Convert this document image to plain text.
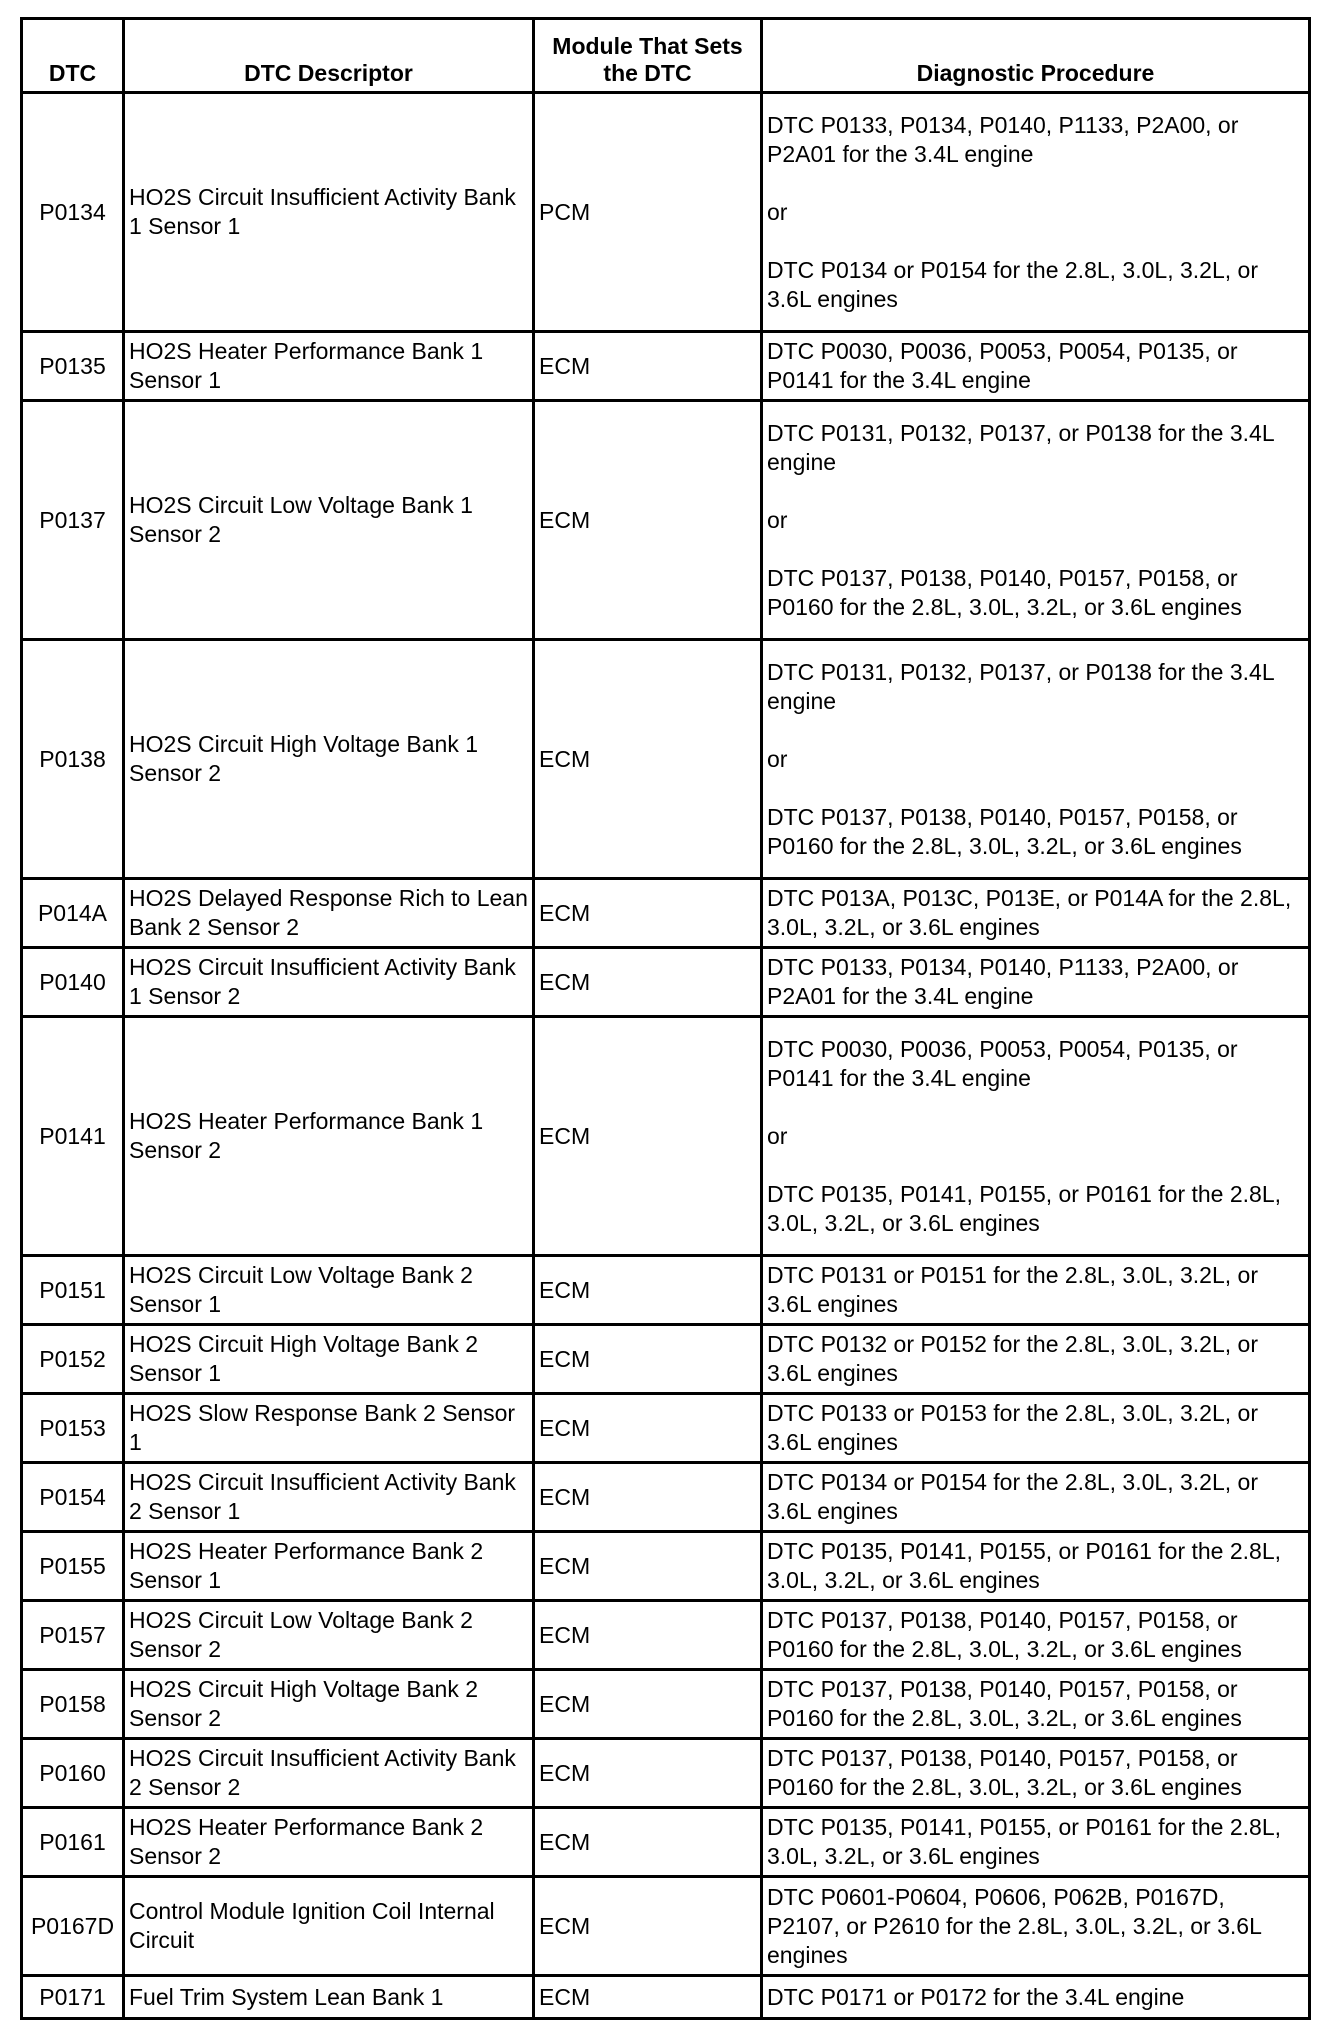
DTC	DTC Descriptor	Module That Sets the DTC	Diagnostic Procedure
P0134	HO2S Circuit Insufficient Activity Bank 1 Sensor 1	PCM	DTC P0133, P0134, P0140, P1133, P2A00, or P2A01 for the 3.4L engine
or
DTC P0134 or P0154 for the 2.8L, 3.0L, 3.2L, or 3.6L engines

P0135	HO2S Heater Performance Bank 1 Sensor 1	ECM	DTC P0030, P0036, P0053, P0054, P0135, or P0141 for the 3.4L engine

P0137	HO2S Circuit Low Voltage Bank 1 Sensor 2	ECM	DTC P0131, P0132, P0137, or P0138 for the 3.4L engine
or
DTC P0137, P0138, P0140, P0157, P0158, or P0160 for the 2.8L, 3.0L, 3.2L, or 3.6L engines

P0138	HO2S Circuit High Voltage Bank 1 Sensor 2	ECM	DTC P0131, P0132, P0137, or P0138 for the 3.4L engine
or
DTC P0137, P0138, P0140, P0157, P0158, or P0160 for the 2.8L, 3.0L, 3.2L, or 3.6L engines

P014A	HO2S Delayed Response Rich to Lean Bank 2 Sensor 2	ECM	DTC P013A, P013C, P013E, or P014A for the 2.8L, 3.0L, 3.2L, or 3.6L engines

P0140	HO2S Circuit Insufficient Activity Bank 1 Sensor 2	ECM	DTC P0133, P0134, P0140, P1133, P2A00, or P2A01 for the 3.4L engine

P0141	HO2S Heater Performance Bank 1 Sensor 2	ECM	DTC P0030, P0036, P0053, P0054, P0135, or P0141 for the 3.4L engine
or
DTC P0135, P0141, P0155, or P0161 for the 2.8L, 3.0L, 3.2L, or 3.6L engines

P0151	HO2S Circuit Low Voltage Bank 2 Sensor 1	ECM	DTC P0131 or P0151 for the 2.8L, 3.0L, 3.2L, or 3.6L engines

P0152	HO2S Circuit High Voltage Bank 2 Sensor 1	ECM	DTC P0132 or P0152 for the 2.8L, 3.0L, 3.2L, or 3.6L engines

P0153	HO2S Slow Response Bank 2 Sensor 1	ECM	DTC P0133 or P0153 for the 2.8L, 3.0L, 3.2L, or 3.6L engines

P0154	HO2S Circuit Insufficient Activity Bank 2 Sensor 1	ECM	DTC P0134 or P0154 for the 2.8L, 3.0L, 3.2L, or 3.6L engines

P0155	HO2S Heater Performance Bank 2 Sensor 1	ECM	DTC P0135, P0141, P0155, or P0161 for the 2.8L, 3.0L, 3.2L, or 3.6L engines

P0157	HO2S Circuit Low Voltage Bank 2 Sensor 2	ECM	DTC P0137, P0138, P0140, P0157, P0158, or P0160 for the 2.8L, 3.0L, 3.2L, or 3.6L engines

P0158	HO2S Circuit High Voltage Bank 2 Sensor 2	ECM	DTC P0137, P0138, P0140, P0157, P0158, or P0160 for the 2.8L, 3.0L, 3.2L, or 3.6L engines

P0160	HO2S Circuit Insufficient Activity Bank 2 Sensor 2	ECM	DTC P0137, P0138, P0140, P0157, P0158, or P0160 for the 2.8L, 3.0L, 3.2L, or 3.6L engines

P0161	HO2S Heater Performance Bank 2 Sensor 2	ECM	DTC P0135, P0141, P0155, or P0161 for the 2.8L, 3.0L, 3.2L, or 3.6L engines

P0167D	Control Module Ignition Coil Internal Circuit	ECM	DTC P0601-P0604, P0606, P062B, P0167D, P2107, or P2610 for the 2.8L, 3.0L, 3.2L, or 3.6L engines

P0171	Fuel Trim System Lean Bank 1	ECM	DTC P0171 or P0172 for the 3.4L engine
